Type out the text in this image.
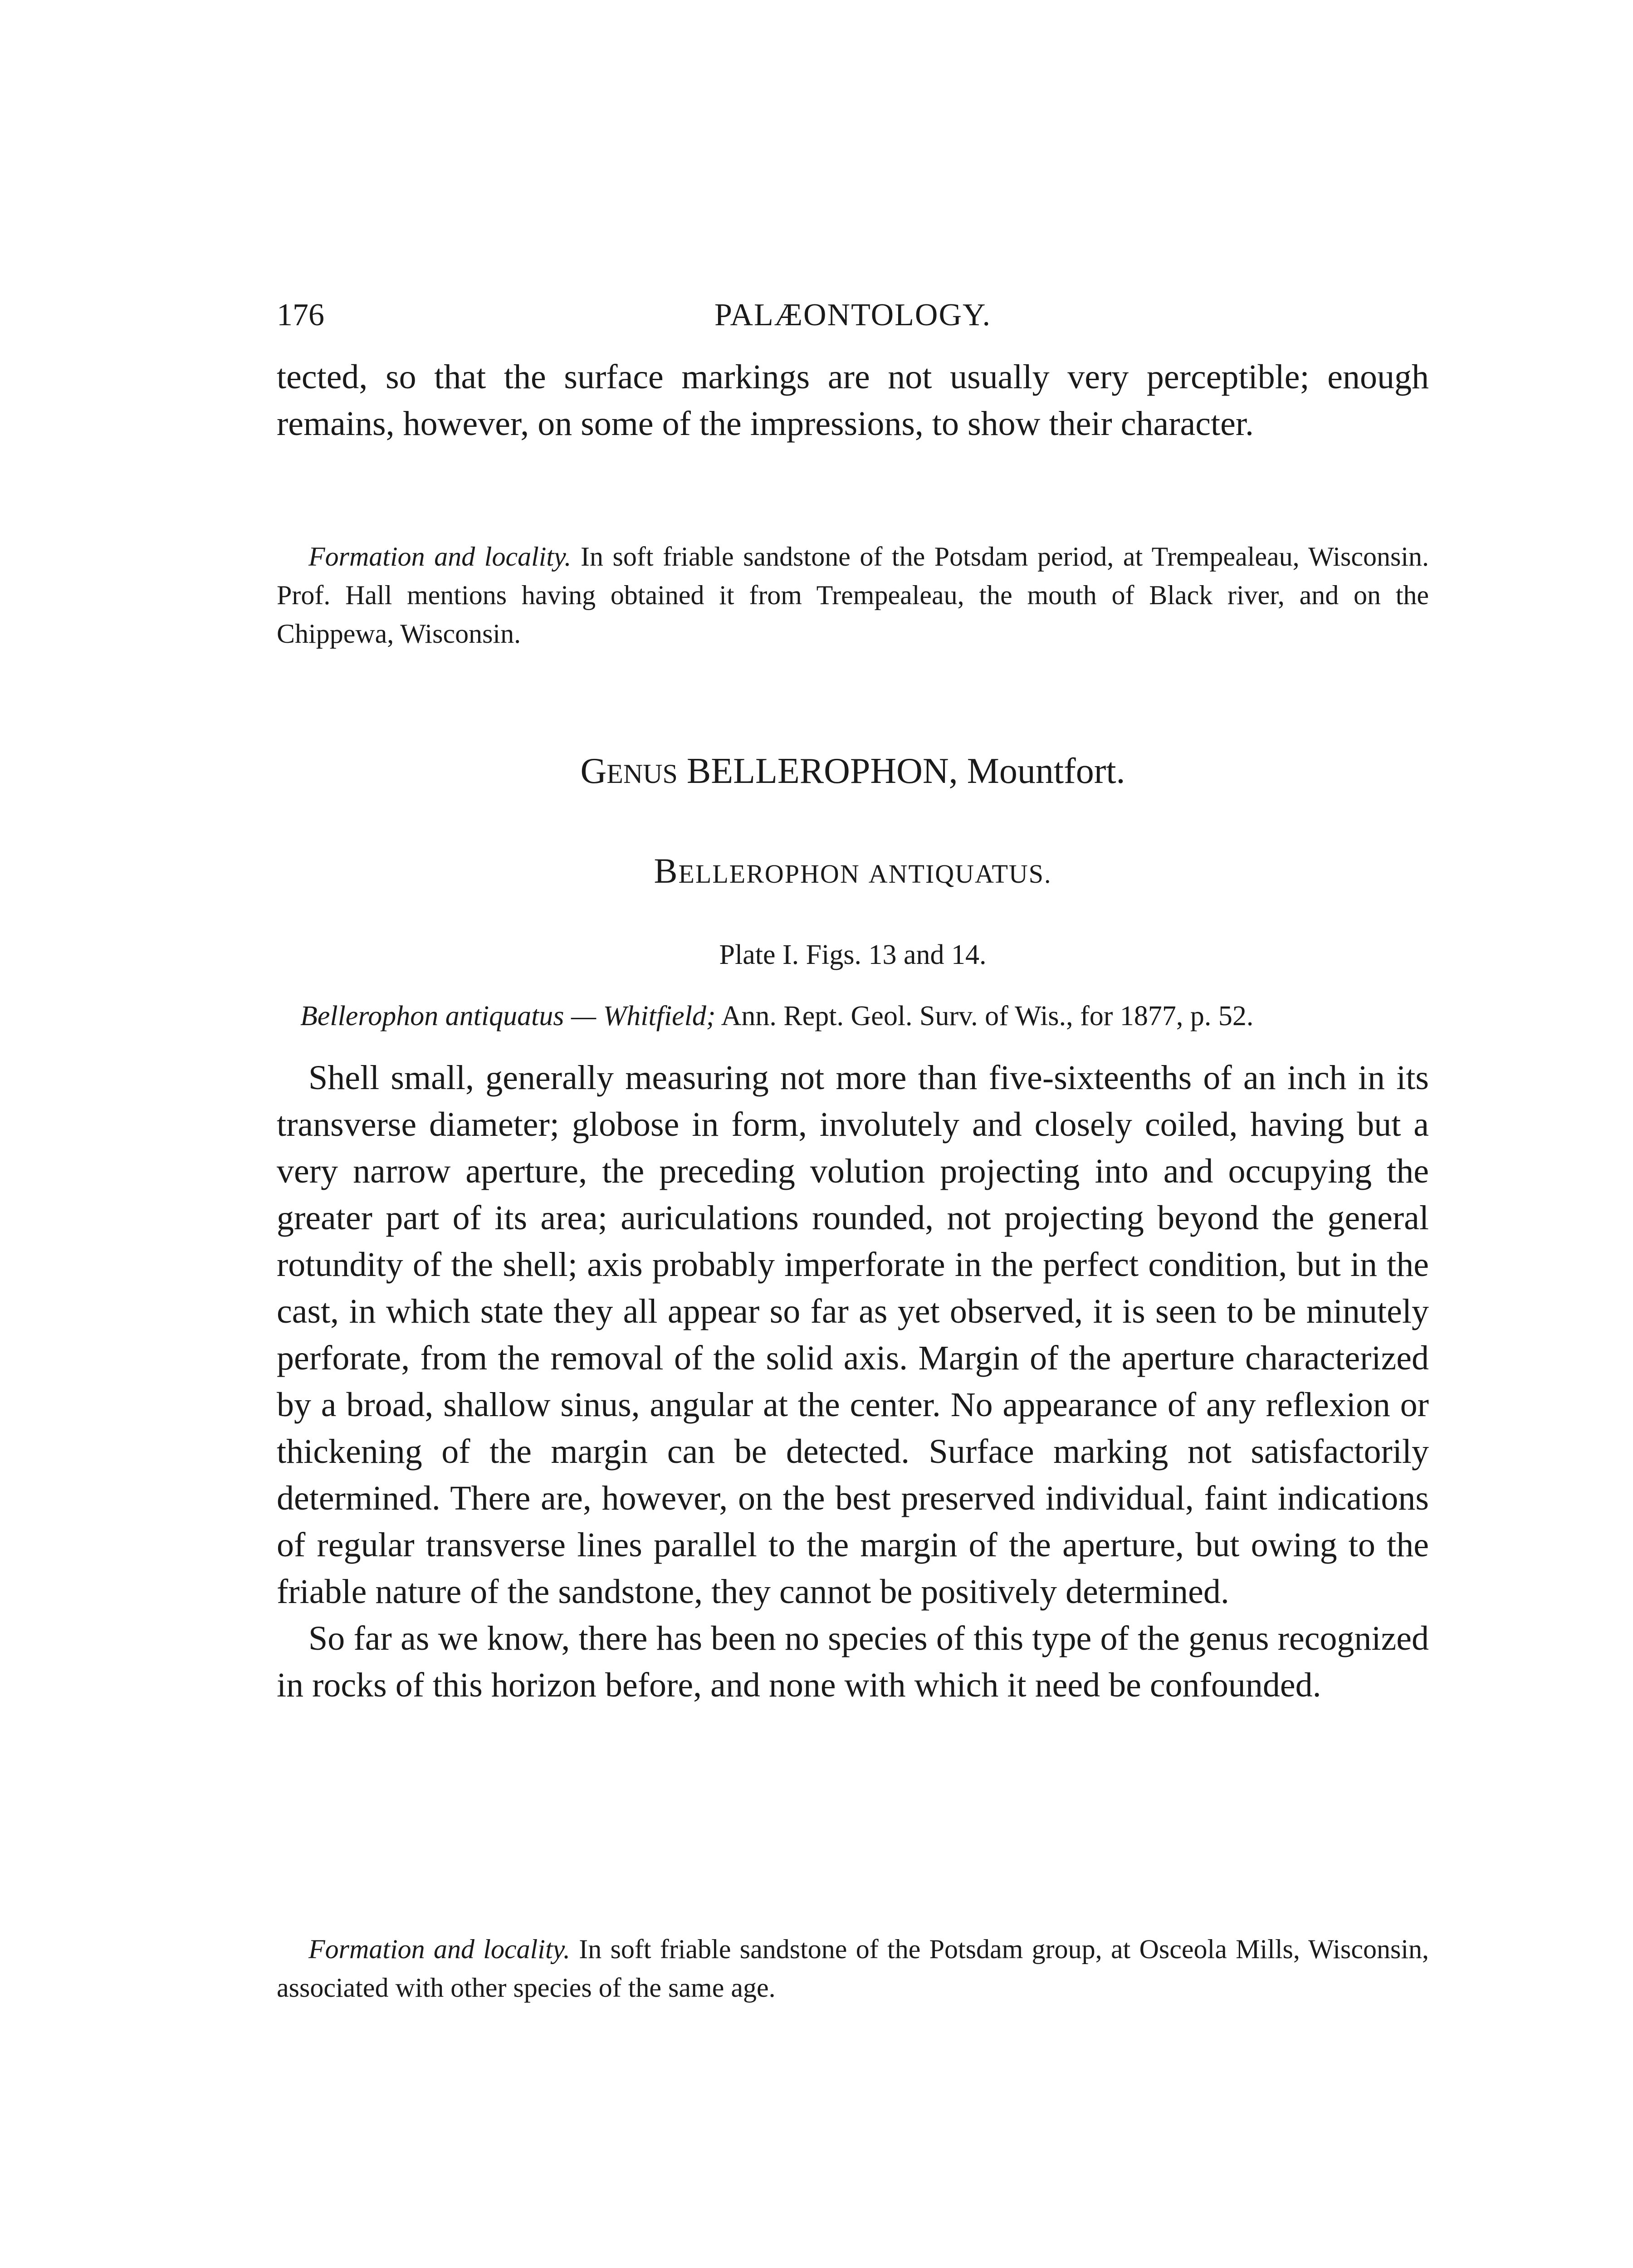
176	PALÆONTOLOGY.

tected, so that the surface markings are not usually very perceptible; enough remains, however, on some of the impressions, to show their character.

Formation and locality. In soft friable sandstone of the Potsdam period, at Trempealeau, Wisconsin. Prof. Hall mentions having obtained it from Trempealeau, the mouth of Black river, and on the Chippewa, Wisconsin.

GENUS BELLEROPHON, Mountfort.
BELLEROPHON ANTIQUATUS.
Plate I. Figs. 13 and 14.
Bellerophon antiquatus — Whitfield; Ann. Rept. Geol. Surv. of Wis., for 1877, p. 52.

Shell small, generally measuring not more than five-sixteenths of an inch in its transverse diameter; globose in form, involutely and closely coiled, having but a very narrow aperture, the preceding volution projecting into and occupying the greater part of its area; auriculations rounded, not projecting beyond the general rotundity of the shell; axis probably imperforate in the perfect condition, but in the cast, in which state they all appear so far as yet observed, it is seen to be minutely perforate, from the removal of the solid axis. Margin of the aperture characterized by a broad, shallow sinus, angular at the center. No appearance of any reflexion or thickening of the margin can be detected. Surface marking not satisfactorily determined. There are, however, on the best preserved individual, faint indications of regular transverse lines parallel to the margin of the aperture, but owing to the friable nature of the sandstone, they cannot be positively determined.

So far as we know, there has been no species of this type of the genus recognized in rocks of this horizon before, and none with which it need be confounded.

Formation and locality. In soft friable sandstone of the Potsdam group, at Osceola Mills, Wisconsin, associated with other species of the same age.
